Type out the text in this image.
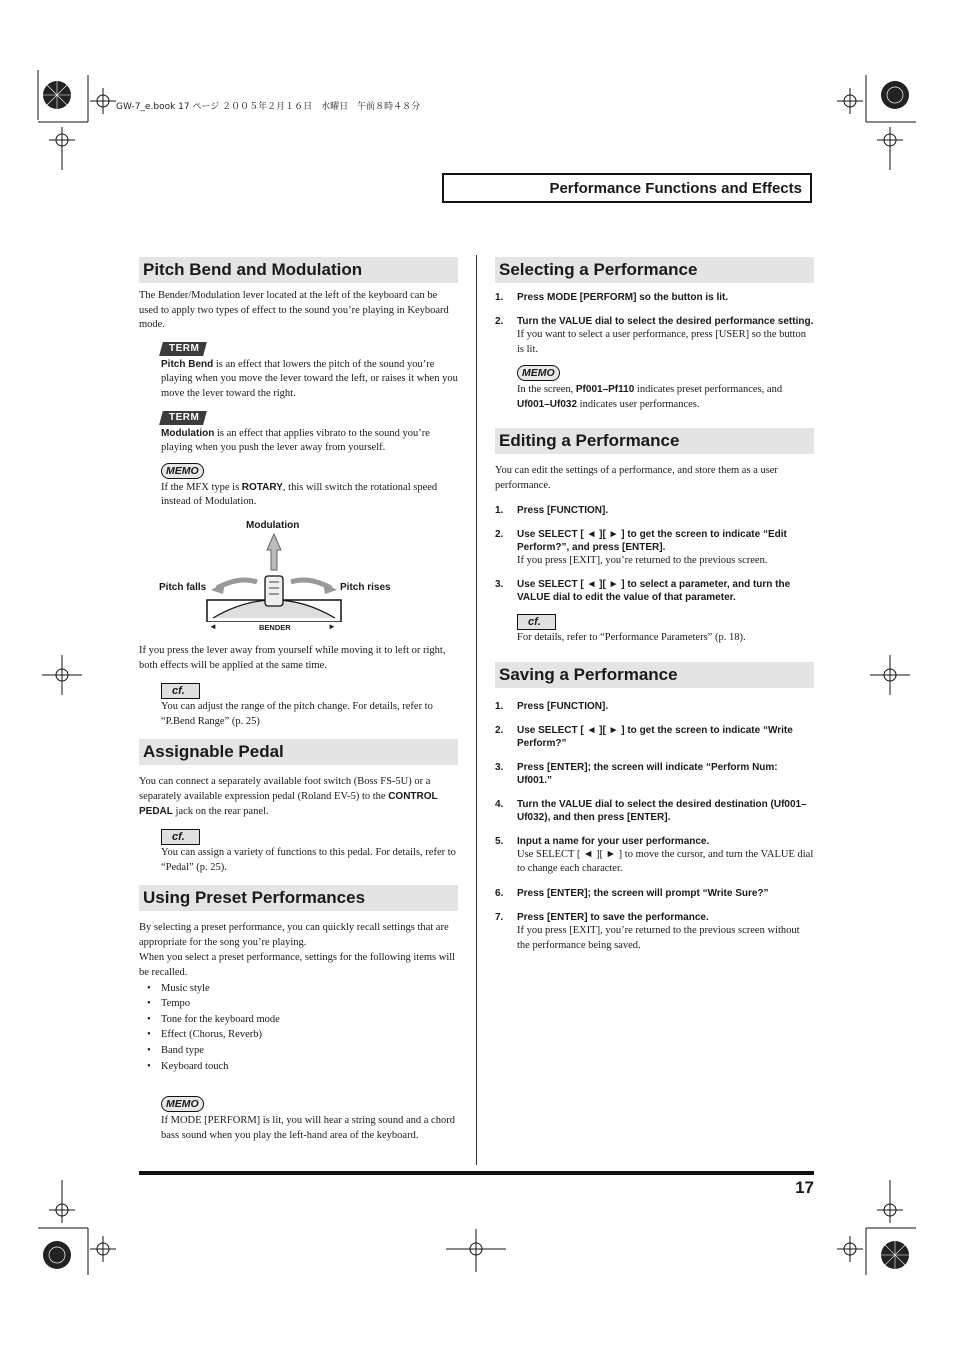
GW-7_e.book 17 ページ ２００５年２月１６日　水曜日　午前８時４８分
Performance Functions and Effects
Pitch Bend and Modulation

The Bender/Modulation lever located at the left of the keyboard can be used to apply two types of effect to the sound you’re playing in Keyboard mode.

TERM

Pitch Bend is an effect that lowers the pitch of the sound you’re playing when you move the lever toward the left, or raises it when you move the lever toward the right.

TERM

Modulation is an effect that applies vibrato to the sound you’re playing when you push the lever away from yourself.

MEMO

If the MFX type is ROTARY, this will switch the rotational speed instead of Modulation.

Modulation
Pitch falls	Pitch rises
◄	BENDER	►

If you press the lever away from yourself while moving it to left or right, both effects will be applied at the same time.

cf.

You can adjust the range of the pitch change. For details, refer to “P.Bend Range” (p. 25)

Assignable Pedal

You can connect a separately available foot switch (Boss FS-5U) or a separately available expression pedal (Roland EV-5) to the CONTROL PEDAL jack on the rear panel.

cf.

You can assign a variety of functions to this pedal. For details, refer to “Pedal” (p. 25).

Using Preset Performances

By selecting a preset performance, you can quickly recall settings that are appropriate for the song you’re playing.

When you select a preset performance, settings for the following items will be recalled.

• Music style
• Tempo
• Tone for the keyboard mode
• Effect (Chorus, Reverb)
• Band type
• Keyboard touch
MEMO

If MODE [PERFORM] is lit, you will hear a string sound and a chord bass sound when you play the left-hand area of the keyboard.

Selecting a Performance

1. Press MODE [PERFORM] so the button is lit.

2. Turn the VALUE dial to select the desired performance setting.

If you want to select a user performance, press [USER] so the button is lit.

MEMO

In the screen, Pf001–Pf110 indicates preset performances, and Uf001–Uf032 indicates user performances.

Editing a Performance

You can edit the settings of a performance, and store them as a user performance.

1. Press [FUNCTION].

2. Use SELECT [ ◄ ][ ► ] to get the screen to indicate “Edit Perform?”, and press [ENTER].

If you press [EXIT], you’re returned to the previous screen.

3. Use SELECT [ ◄ ][ ► ] to select a parameter, and turn the VALUE dial to edit the value of that parameter.

cf.

For details, refer to “Performance Parameters” (p. 18).

Saving a Performance

1. Press [FUNCTION].

2. Use SELECT [ ◄ ][ ► ] to get the screen to indicate “Write Perform?”

3. Press [ENTER]; the screen will indicate “Perform Num: Uf001.”

4. Turn the VALUE dial to select the desired destination (Uf001–Uf032), and then press [ENTER].

5. Input a name for your user performance.

Use SELECT [ ◄ ][ ► ] to move the cursor, and turn the VALUE dial to change each character.

6. Press [ENTER]; the screen will prompt “Write Sure?”

7. Press [ENTER] to save the performance.

If you press [EXIT], you’re returned to the previous screen without the performance being saved.

17
